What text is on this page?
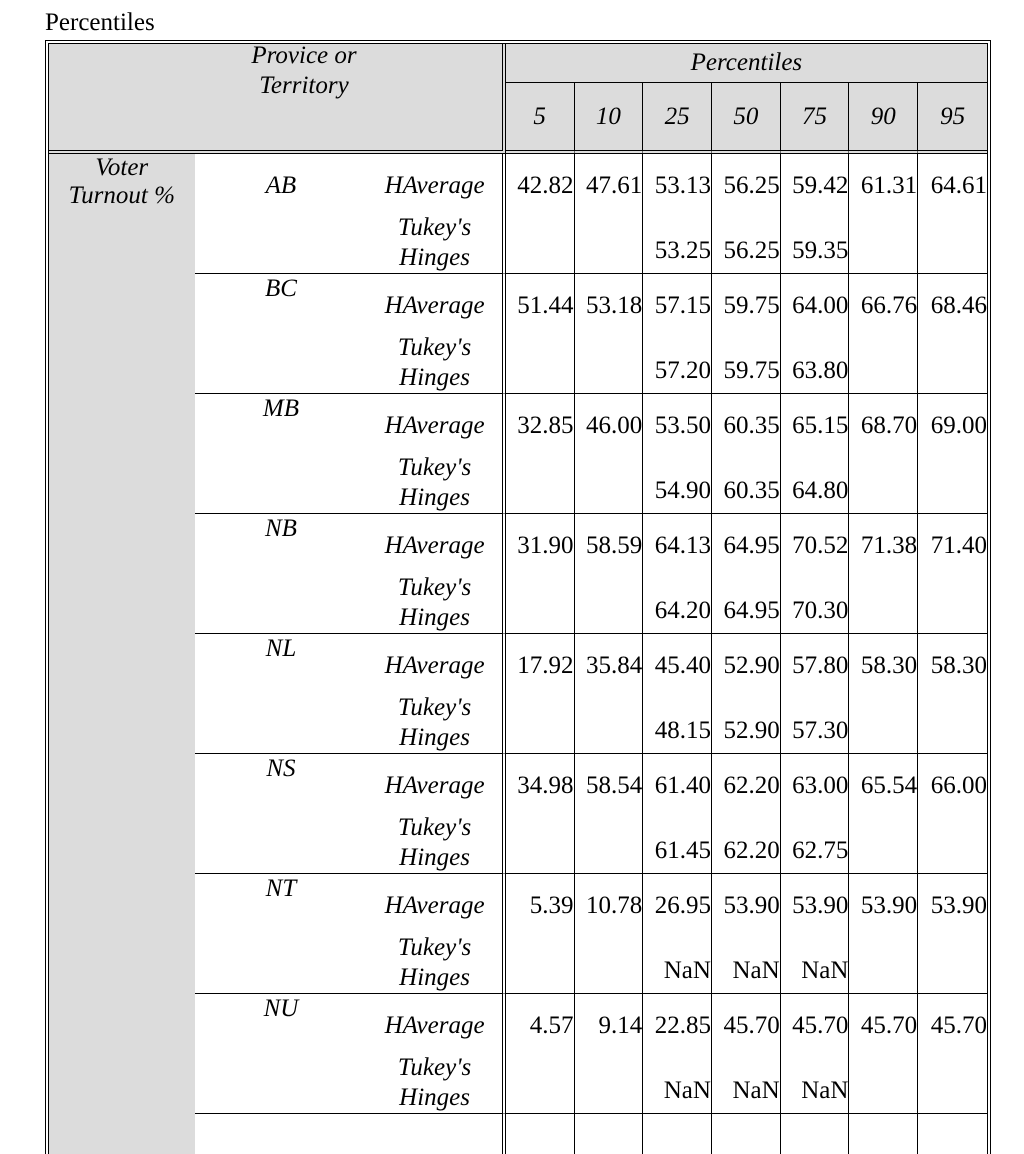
Percentiles
Provice or
Territory			Percentiles						
			5	10	25	50	75	90	95

Voter
Turnout %	AB	HAverage	42.82	47.61	53.13	56.25	59.42	61.31	64.61

		Tukey's
Hinges			53.25	56.25	59.35		
	BC	HAverage	51.44	53.18	57.15	59.75	64.00	66.76	68.46

		Tukey's
Hinges			57.20	59.75	63.80		
	MB	HAverage	32.85	46.00	53.50	60.35	65.15	68.70	69.00

		Tukey's
Hinges			54.90	60.35	64.80		
	NB	HAverage	31.90	58.59	64.13	64.95	70.52	71.38	71.40

		Tukey's
Hinges			64.20	64.95	70.30		
	NL	HAverage	17.92	35.84	45.40	52.90	57.80	58.30	58.30

		Tukey's
Hinges			48.15	52.90	57.30		
	NS	HAverage	34.98	58.54	61.40	62.20	63.00	65.54	66.00

		Tukey's
Hinges			61.45	62.20	62.75		
	NT	HAverage	5.39	10.78	26.95	53.90	53.90	53.90	53.90

		Tukey's
Hinges			NaN	NaN	NaN		
	NU	HAverage	4.57	9.14	22.85	45.70	45.70	45.70	45.70

		Tukey's
Hinges			NaN	NaN	NaN		
